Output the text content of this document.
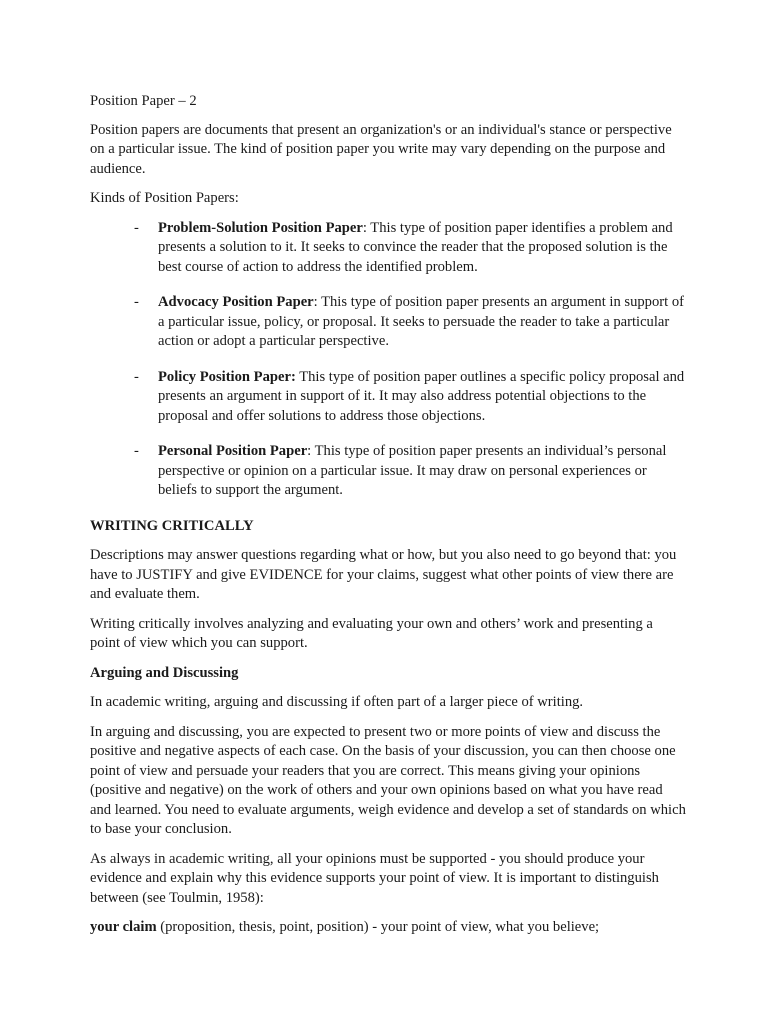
Position Paper – 2

Position papers are documents that present an organization's or an individual's stance or perspective on a particular issue. The kind of position paper you write may vary depending on the purpose and audience.

Kinds of Position Papers:

- Problem-Solution Position Paper: This type of position paper identifies a problem and presents a solution to it. It seeks to convince the reader that the proposed solution is the best course of action to address the identified problem.
- Advocacy Position Paper: This type of position paper presents an argument in support of a particular issue, policy, or proposal. It seeks to persuade the reader to take a particular action or adopt a particular perspective.
- Policy Position Paper: This type of position paper outlines a specific policy proposal and presents an argument in support of it. It may also address potential objections to the proposal and offer solutions to address those objections.
- Personal Position Paper: This type of position paper presents an individual’s personal perspective or opinion on a particular issue. It may draw on personal experiences or beliefs to support the argument.

WRITING CRITICALLY

Descriptions may answer questions regarding what or how, but you also need to go beyond that: you have to JUSTIFY and give EVIDENCE for your claims, suggest what other points of view there are and evaluate them.

Writing critically involves analyzing and evaluating your own and others’ work and presenting a point of view which you can support.

Arguing and Discussing

In academic writing, arguing and discussing if often part of a larger piece of writing.

In arguing and discussing, you are expected to present two or more points of view and discuss the positive and negative aspects of each case. On the basis of your discussion, you can then choose one point of view and persuade your readers that you are correct. This means giving your opinions (positive and negative) on the work of others and your own opinions based on what you have read and learned. You need to evaluate arguments, weigh evidence and develop a set of standards on which to base your conclusion.

As always in academic writing, all your opinions must be supported - you should produce your evidence and explain why this evidence supports your point of view. It is important to distinguish between (see Toulmin, 1958):

your claim (proposition, thesis, point, position) - your point of view, what you believe;
